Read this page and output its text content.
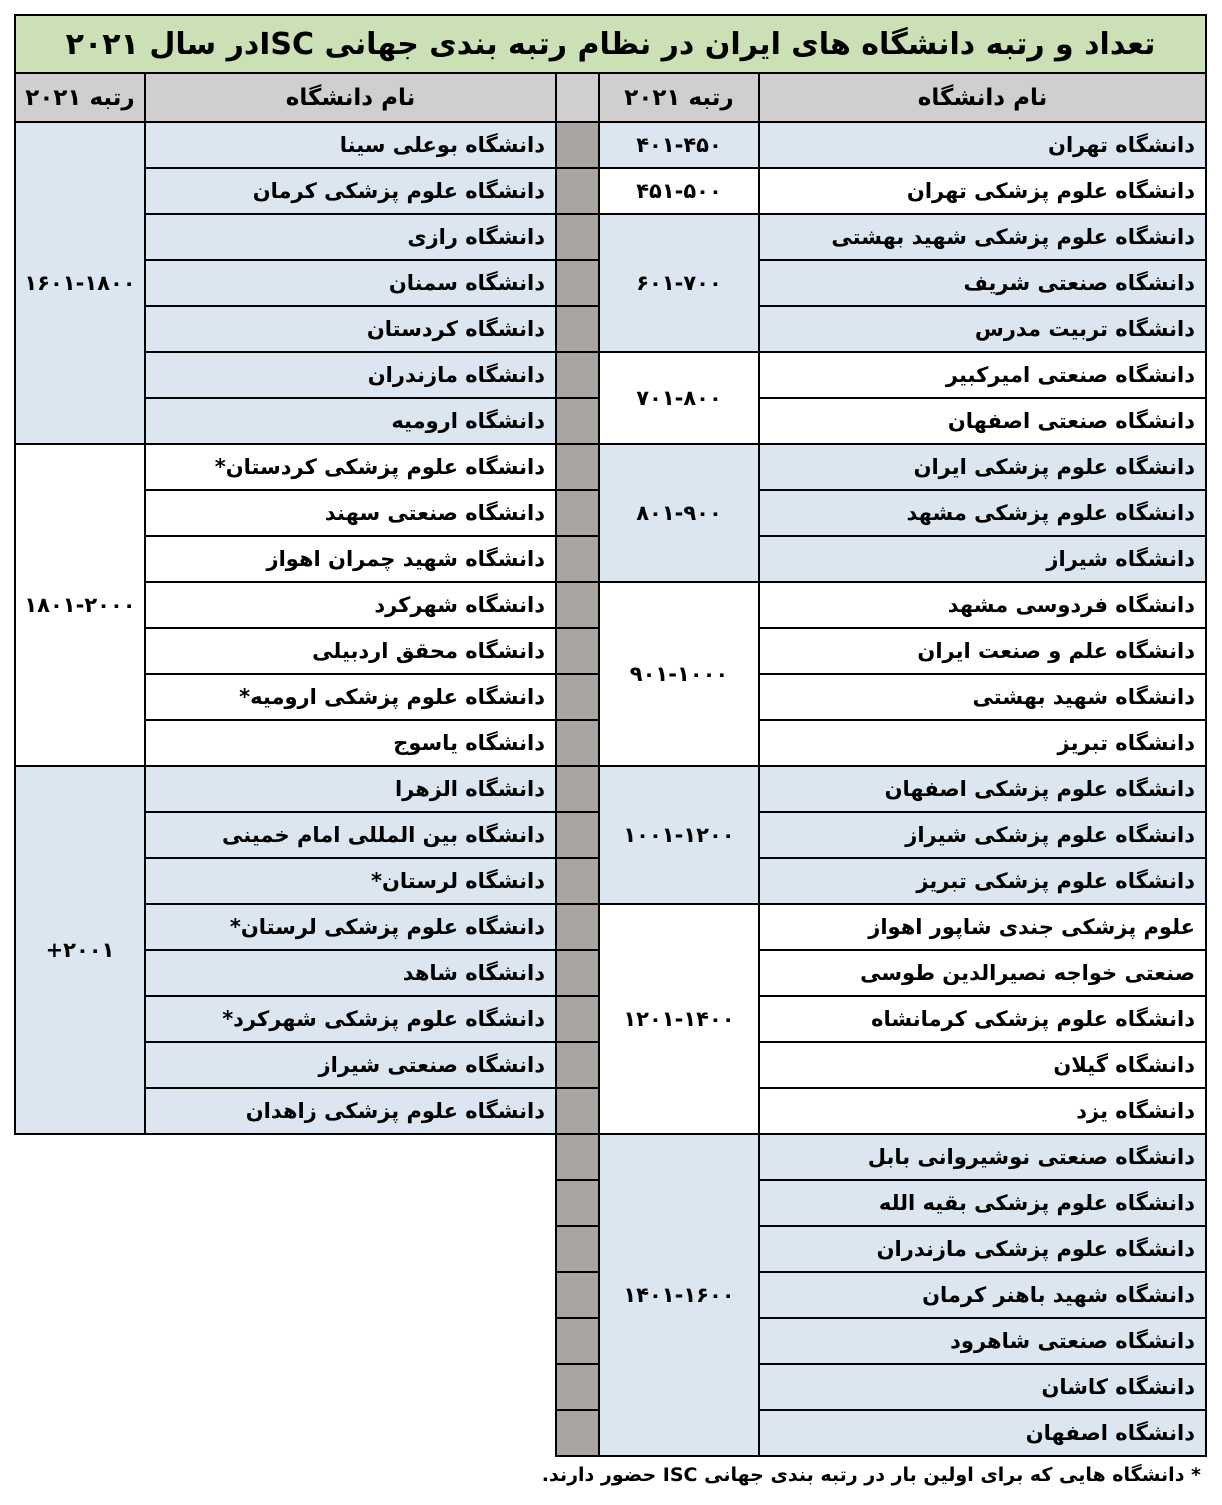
تعداد و رتبه دانشگاه های ایران در نظام رتبه بندی جهانی ISCدر سال ۲۰۲۱				
رتبه ۲۰۲۱	نام دانشگاه		رتبه ۲۰۲۱	نام دانشگاه
۱۶۰۱-۱۸۰۰	دانشگاه بوعلی سینا		۴۰۱-۴۵۰	دانشگاه تهران
	دانشگاه علوم پزشکی کرمان		۴۵۱-۵۰۰	دانشگاه علوم پزشکی تهران
	دانشگاه رازی		۶۰۱-۷۰۰	دانشگاه علوم پزشکی شهید بهشتی
	دانشگاه سمنان			دانشگاه صنعتی شریف
	دانشگاه کردستان			دانشگاه تربیت مدرس
	دانشگاه مازندران		۷۰۱-۸۰۰	دانشگاه صنعتی امیرکبیر
	دانشگاه ارومیه			دانشگاه صنعتی اصفهان
۱۸۰۱-۲۰۰۰	دانشگاه علوم پزشکی کردستان*		۸۰۱-۹۰۰	دانشگاه علوم پزشکی ایران
	دانشگاه صنعتی سهند			دانشگاه علوم پزشکی مشهد
	دانشگاه شهید چمران اهواز			دانشگاه شیراز
	دانشگاه شهرکرد		۹۰۱-۱۰۰۰	دانشگاه فردوسی مشهد
	دانشگاه محقق اردبیلی			دانشگاه علم و صنعت ایران
	دانشگاه علوم پزشکی ارومیه*			دانشگاه شهید بهشتی
	دانشگاه یاسوج			دانشگاه تبریز
+۲۰۰۱	دانشگاه الزهرا		۱۰۰۱-۱۲۰۰	دانشگاه علوم پزشکی اصفهان
	دانشگاه بین المللی امام خمینی			دانشگاه علوم پزشکی شیراز
	دانشگاه لرستان*			دانشگاه علوم پزشکی تبریز
	دانشگاه علوم پزشکی لرستان*		۱۲۰۱-۱۴۰۰	علوم پزشکی جندی شاپور اهواز
	دانشگاه شاهد			صنعتی خواجه نصیرالدین طوسی
	دانشگاه علوم پزشکی شهرکرد*			دانشگاه علوم پزشکی کرمانشاه
	دانشگاه صنعتی شیراز			دانشگاه گیلان
	دانشگاه علوم پزشکی زاهدان			دانشگاه یزد
			۱۴۰۱-۱۶۰۰	دانشگاه صنعتی نوشیروانی بابل
				دانشگاه علوم پزشکی بقیه الله
				دانشگاه علوم پزشکی مازندران
				دانشگاه شهید باهنر کرمان
				دانشگاه صنعتی شاهرود
				دانشگاه کاشان
				دانشگاه اصفهان
* دانشگاه هایی که برای اولین بار در رتبه بندی جهانی ISC حضور دارند.
